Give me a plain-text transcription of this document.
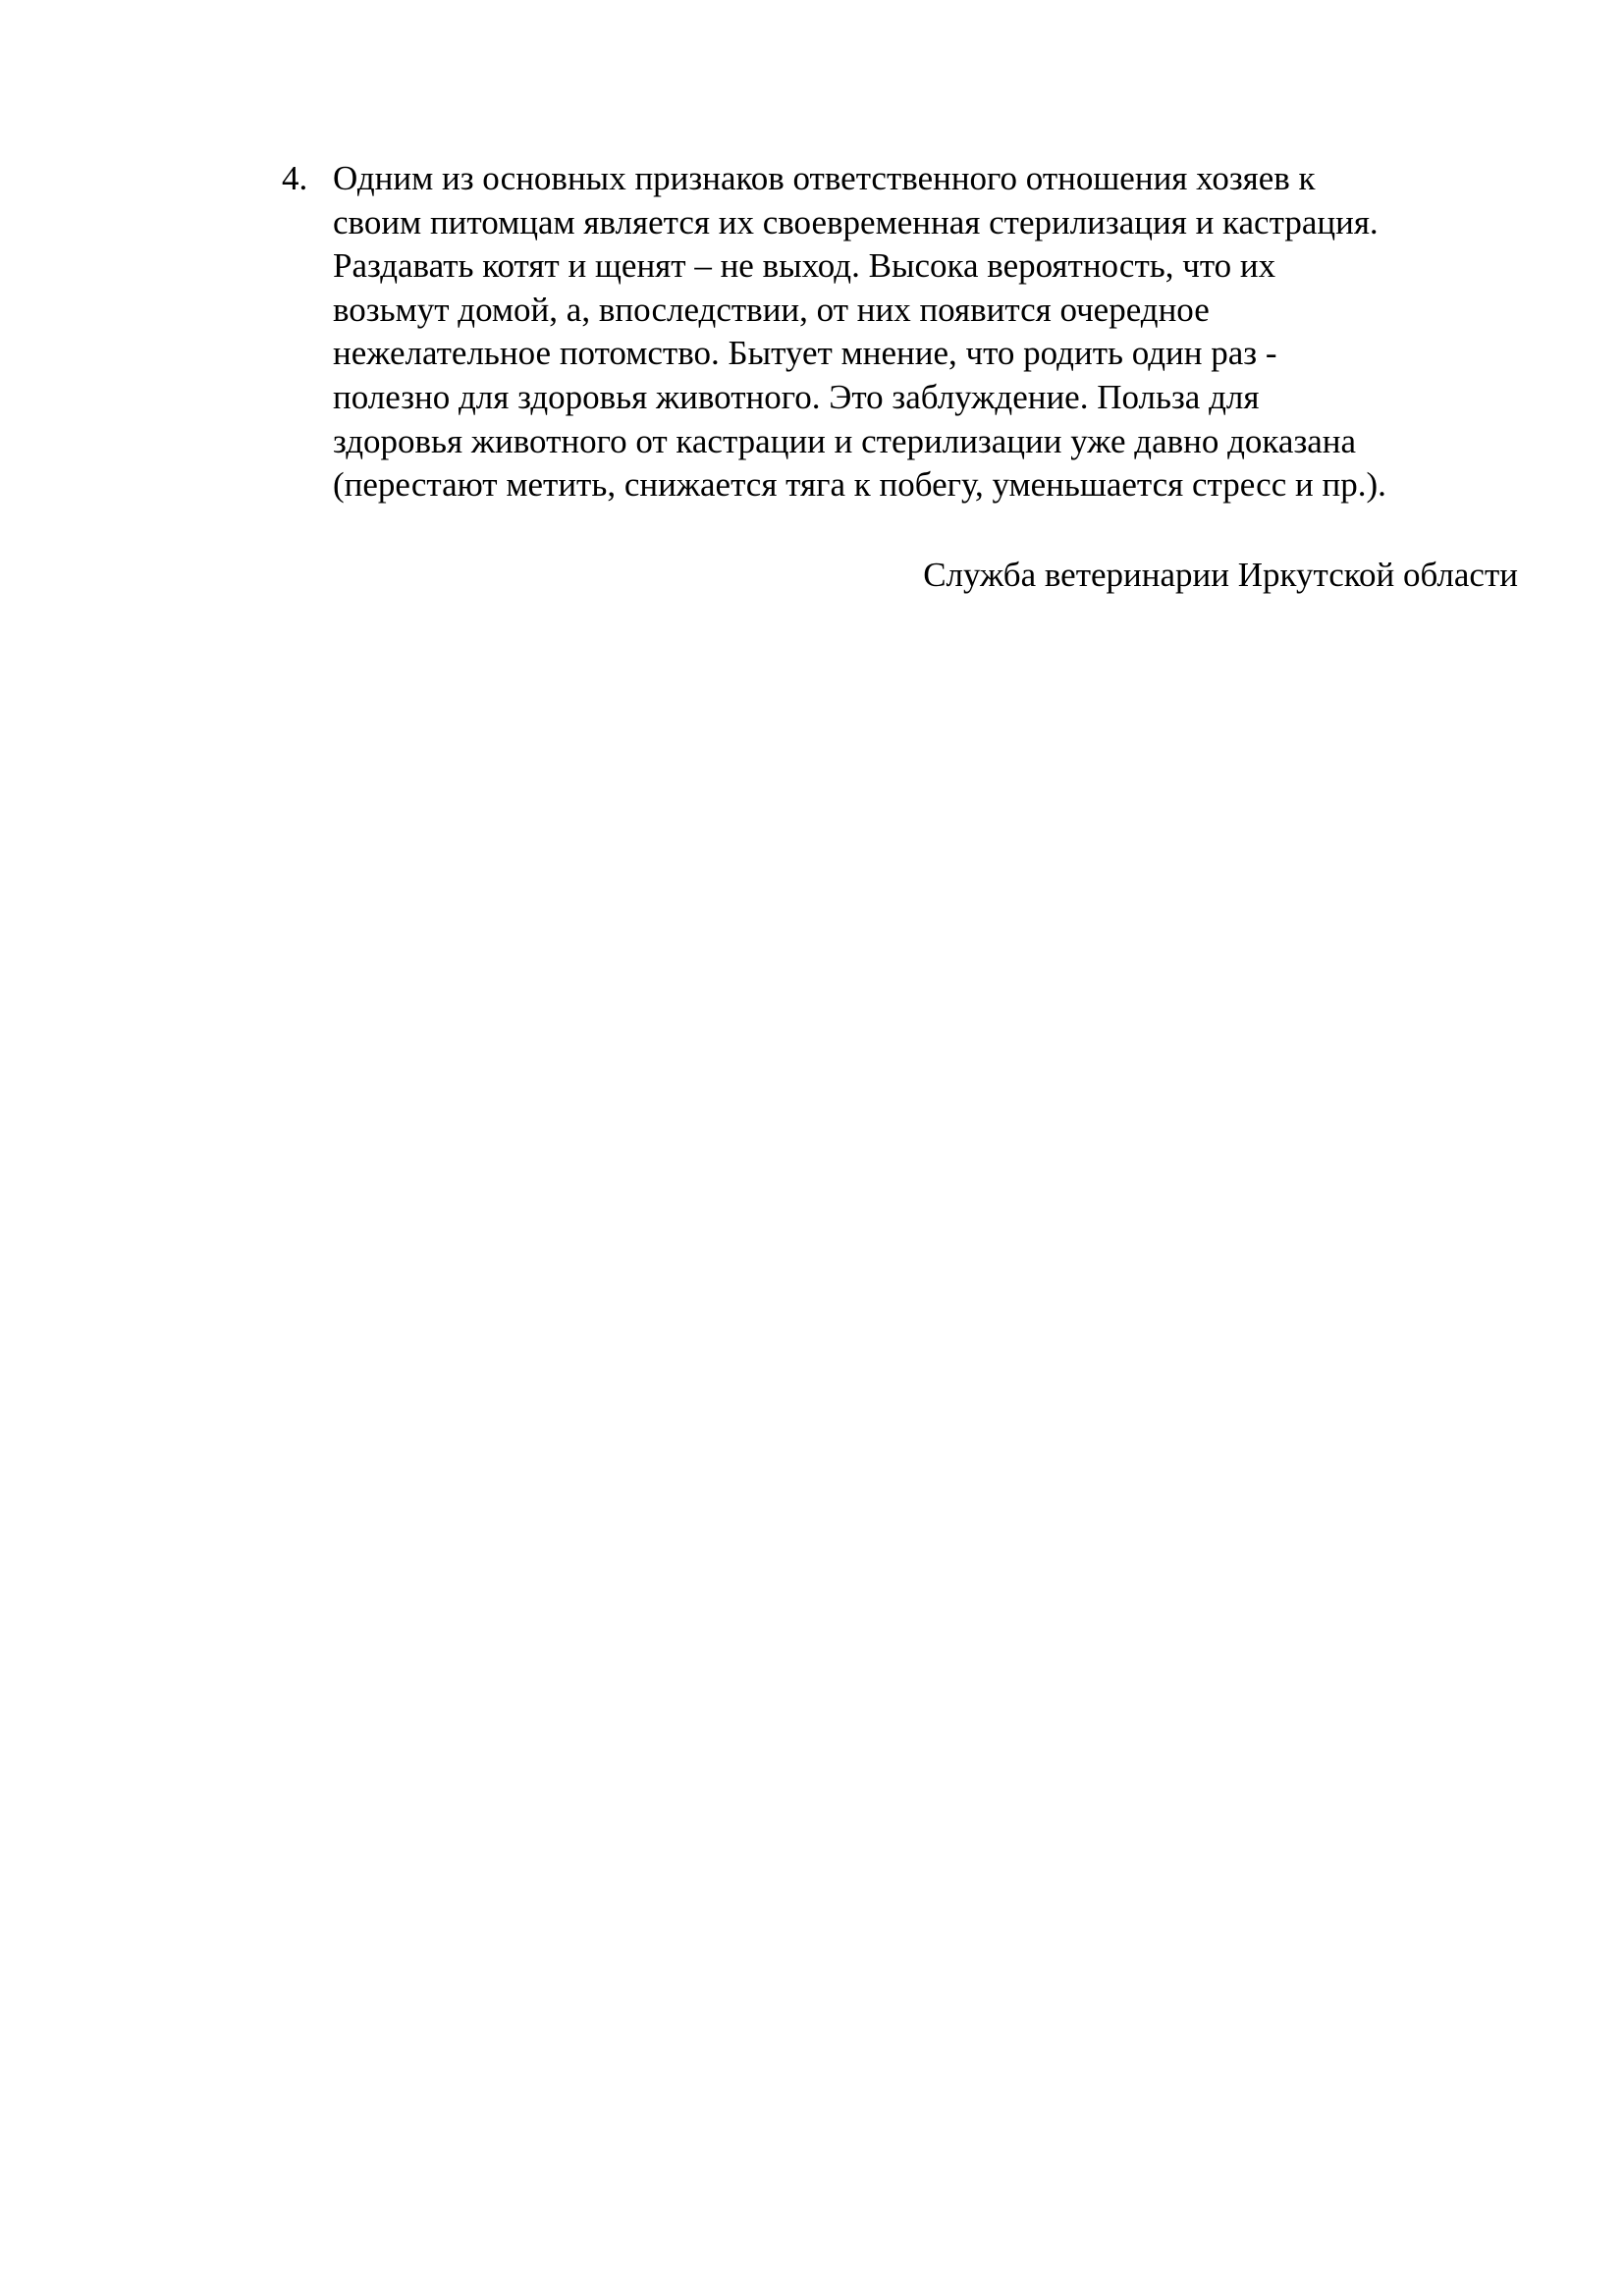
4. Одним из основных признаков ответственного отношения хозяев к
своим питомцам является их своевременная стерилизация и кастрация.
Раздавать котят и щенят – не выход. Высока вероятность, что их
возьмут домой, а, впоследствии, от них появится очередное
нежелательное потомство. Бытует мнение, что родить один раз -
полезно для здоровья животного. Это заблуждение. Польза для
здоровья животного от кастрации и стерилизации уже давно доказана
(перестают метить, снижается тяга к побегу, уменьшается стресс и пр.).
Служба ветеринарии Иркутской области
